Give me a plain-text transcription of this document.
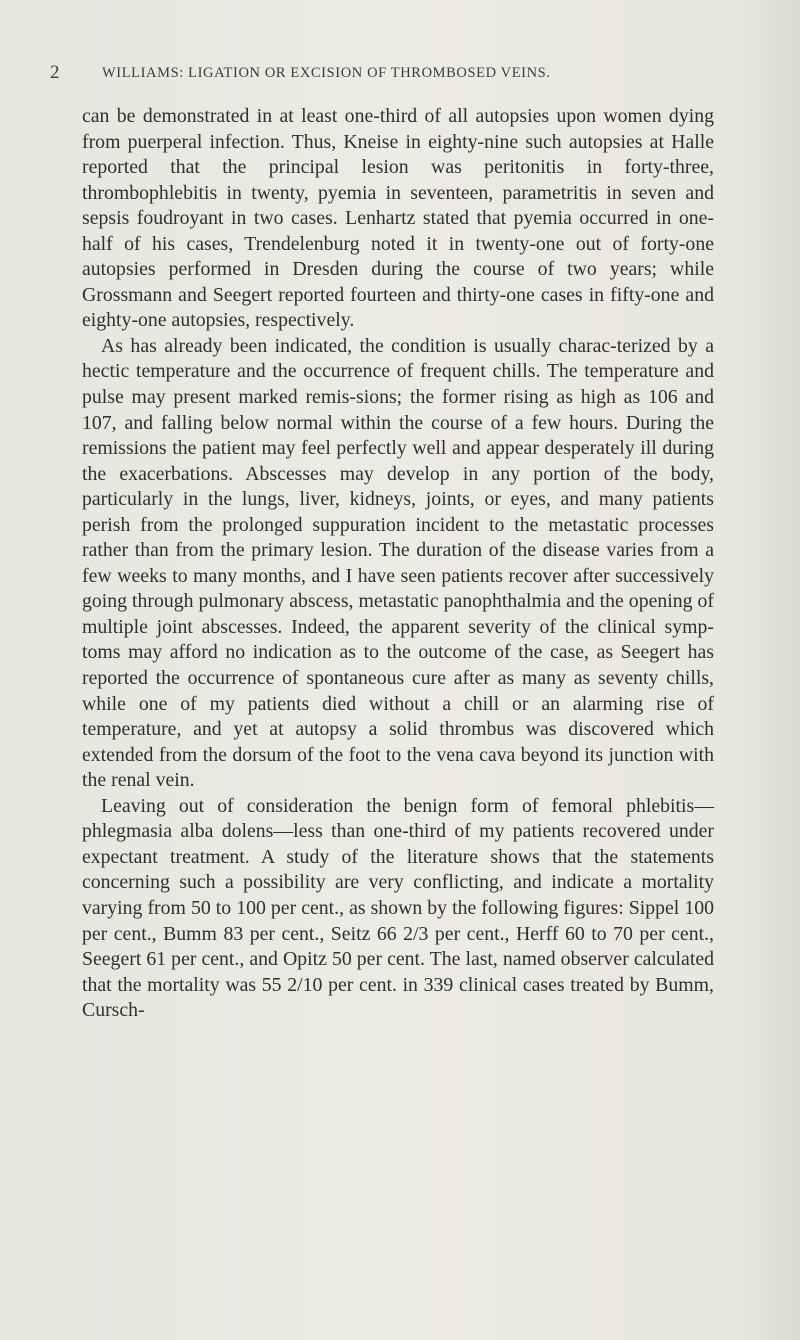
2	WILLIAMS: LIGATION OR EXCISION OF THROMBOSED VEINS.

can be demonstrated in at least one-third of all autopsies upon women dying from puerperal infection. Thus, Kneise in eighty-nine such autopsies at Halle reported that the principal lesion was peritonitis in forty-three, thrombophlebitis in twenty, pyemia in seventeen, parametritis in seven and sepsis foudroyant in two cases. Lenhartz stated that pyemia occurred in one-half of his cases, Trendelenburg noted it in twenty-one out of forty-one autopsies performed in Dresden during the course of two years; while Grossmann and Seegert reported fourteen and thirty-one cases in fifty-one and eighty-one autopsies, respectively.

As has already been indicated, the condition is usually charac-terized by a hectic temperature and the occurrence of frequent chills. The temperature and pulse may present marked remis-sions; the former rising as high as 106 and 107, and falling below normal within the course of a few hours. During the remissions the patient may feel perfectly well and appear desperately ill during the exacerbations. Abscesses may develop in any portion of the body, particularly in the lungs, liver, kidneys, joints, or eyes, and many patients perish from the prolonged suppuration incident to the metastatic processes rather than from the primary lesion. The duration of the disease varies from a few weeks to many months, and I have seen patients recover after successively going through pulmonary abscess, metastatic panophthalmia and the opening of multiple joint abscesses. Indeed, the apparent severity of the clinical symp-toms may afford no indication as to the outcome of the case, as Seegert has reported the occurrence of spontaneous cure after as many as seventy chills, while one of my patients died without a chill or an alarming rise of temperature, and yet at autopsy a solid thrombus was discovered which extended from the dorsum of the foot to the vena cava beyond its junction with the renal vein.

Leaving out of consideration the benign form of femoral phlebitis—phlegmasia alba dolens—less than one-third of my patients recovered under expectant treatment. A study of the literature shows that the statements concerning such a possibility are very conflicting, and indicate a mortality varying from 50 to 100 per cent., as shown by the following figures: Sippel 100 per cent., Bumm 83 per cent., Seitz 66 2/3 per cent., Herff 60 to 70 per cent., Seegert 61 per cent., and Opitz 50 per cent. The last, named observer calculated that the mortality was 55 2/10 per cent. in 339 clinical cases treated by Bumm, Cursch-
